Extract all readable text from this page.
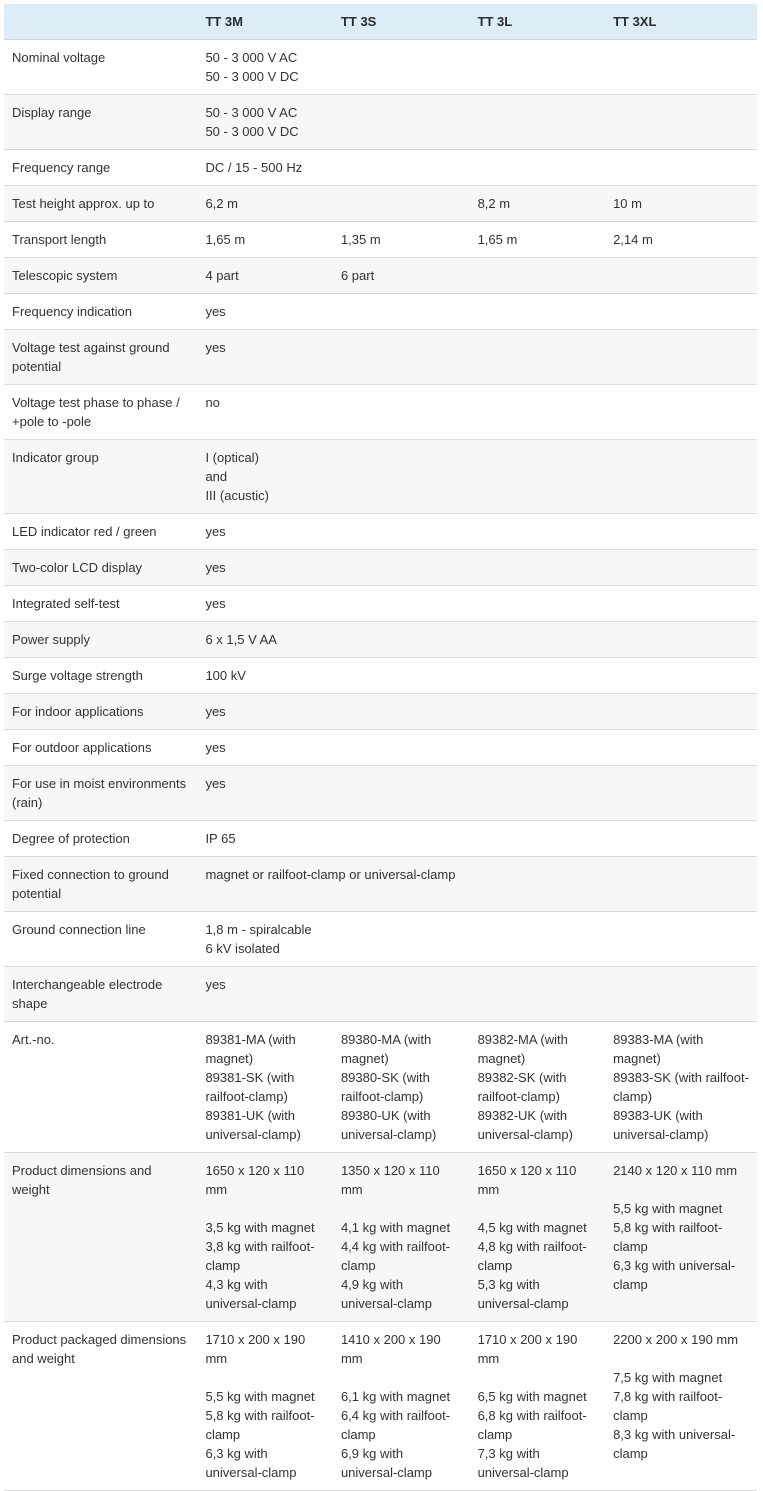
	TT 3M	TT 3S	TT 3L	TT 3XL
Nominal voltage	50 - 3 000 V AC
50 - 3 000 V DC			
Display range	50 - 3 000 V AC
50 - 3 000 V DC			
Frequency range	DC / 15 - 500 Hz			
Test height approx. up to	6,2 m		8,2 m	10 m
Transport length	1,65 m	1,35 m	1,65 m	2,14 m
Telescopic system	4 part	6 part		
Frequency indication	yes			
Voltage test against ground potential	yes			
Voltage test phase to phase / +pole to -pole	no			
Indicator group	I (optical)
and
III (acustic)			
LED indicator red / green	yes			
Two-color LCD display	yes			
Integrated self-test	yes			
Power supply	6 x 1,5 V AA			
Surge voltage strength	100 kV			
For indoor applications	yes			
For outdoor applications	yes			
For use in moist environments (rain)	yes			
Degree of protection	IP 65			
Fixed connection to ground potential	magnet or railfoot-clamp or universal-clamp			
Ground connection line	1,8 m - spiralcable
6 kV isolated			
Interchangeable electrode shape	yes			
Art.-no.	89381-MA (with magnet)
89381-SK (with railfoot-clamp)
89381-UK (with universal-clamp)	89380-MA (with magnet)
89380-SK (with railfoot-clamp)
89380-UK (with universal-clamp)	89382-MA (with magnet)
89382-SK (with railfoot-clamp)
89382-UK (with universal-clamp)	89383-MA (with magnet)
89383-SK (with railfoot-clamp)
89383-UK (with universal-clamp)
Product dimensions and weight	1650 x 120 x 110 mm

3,5 kg with magnet
3,8 kg with railfoot-clamp
4,3 kg with universal-clamp	1350 x 120 x 110 mm

4,1 kg with magnet
4,4 kg with railfoot-clamp
4,9 kg with universal-clamp	1650 x 120 x 110 mm

4,5 kg with magnet
4,8 kg with railfoot-clamp
5,3 kg with universal-clamp	2140 x 120 x 110 mm

5,5 kg with magnet
5,8 kg with railfoot-clamp
6,3 kg with universal-clamp
Product packaged dimensions and weight	1710 x 200 x 190 mm

5,5 kg with magnet
5,8 kg with railfoot-clamp
6,3 kg with universal-clamp	1410 x 200 x 190 mm

6,1 kg with magnet
6,4 kg with railfoot-clamp
6,9 kg with universal-clamp	1710 x 200 x 190 mm

6,5 kg with magnet
6,8 kg with railfoot-clamp
7,3 kg with universal-clamp	2200 x 200 x 190 mm

7,5 kg with magnet
7,8 kg with railfoot-clamp
8,3 kg with universal-clamp
